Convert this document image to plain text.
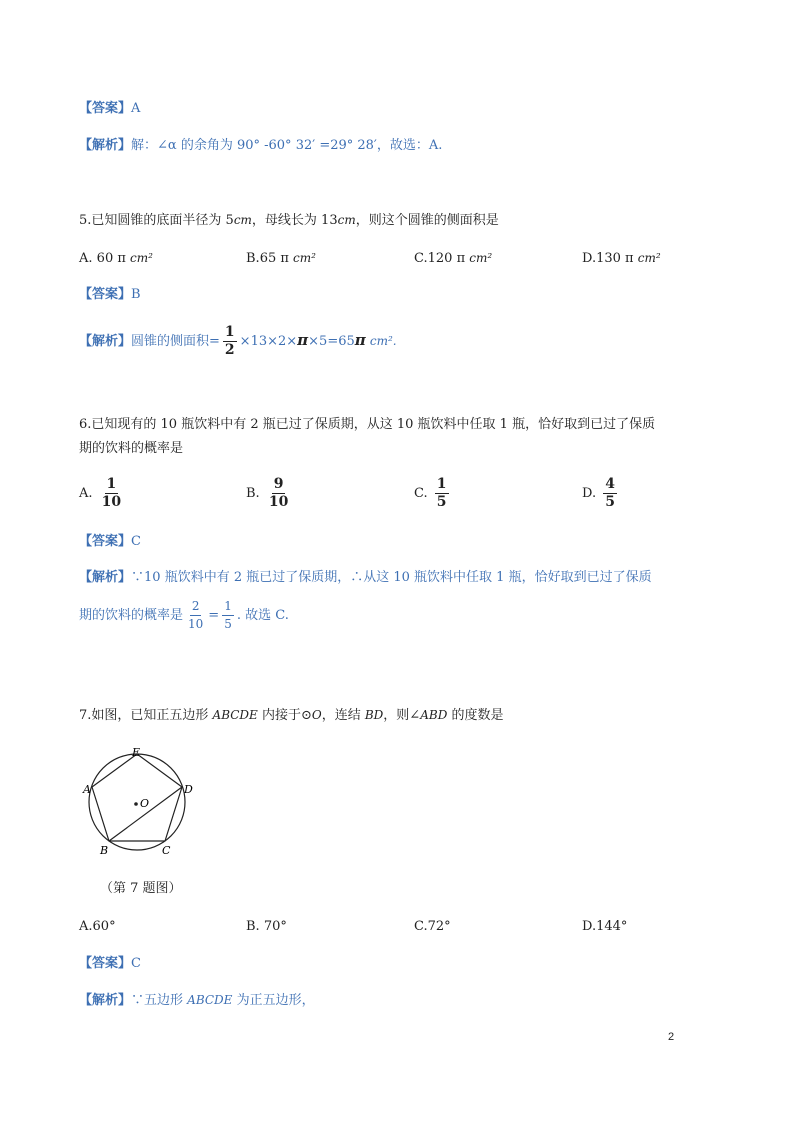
【答案】A
【解析】解：∠α 的余角为 90° -60° 32′ =29° 28′，故选：A.
5.已知圆锥的底面半径为 5cm，母线长为 13cm，则这个圆锥的侧面积是
A. 60 π cm²	B.65 π cm²	C.120 π cm²	D.130 π cm²
【答案】B
【解析】圆锥的侧面积= $\frac{1}{2} \times 13\times 2\times\pi\times 5=65\pi$ cm².
6.已知现有的 10 瓶饮料中有 2 瓶已过了保质期，从这 10 瓶饮料中任取 1 瓶，恰好取到已过了保质
期的饮料的概率是
A. $\frac{1}{10}$	B. $\frac{9}{10}$	C. $\frac{1}{5}$	D. $\frac{4}{5}$
【答案】C
【解析】∵10 瓶饮料中有 2 瓶已过了保质期，∴从这 10 瓶饮料中任取 1 瓶，恰好取到已过了保质
期的饮料的概率是 $\frac{2}{10} = \frac{1}{5}$ . 故选 C.
7.如图，已知正五边形 ABCDE 内接于⊙O，连结 BD，则∠ABD 的度数是
E
A	D
O
B	C
（第 7 题图）
A.60°	B. 70°	C.72°	D.144°
【答案】C
【解析】∵五边形 ABCDE 为正五边形，
2
